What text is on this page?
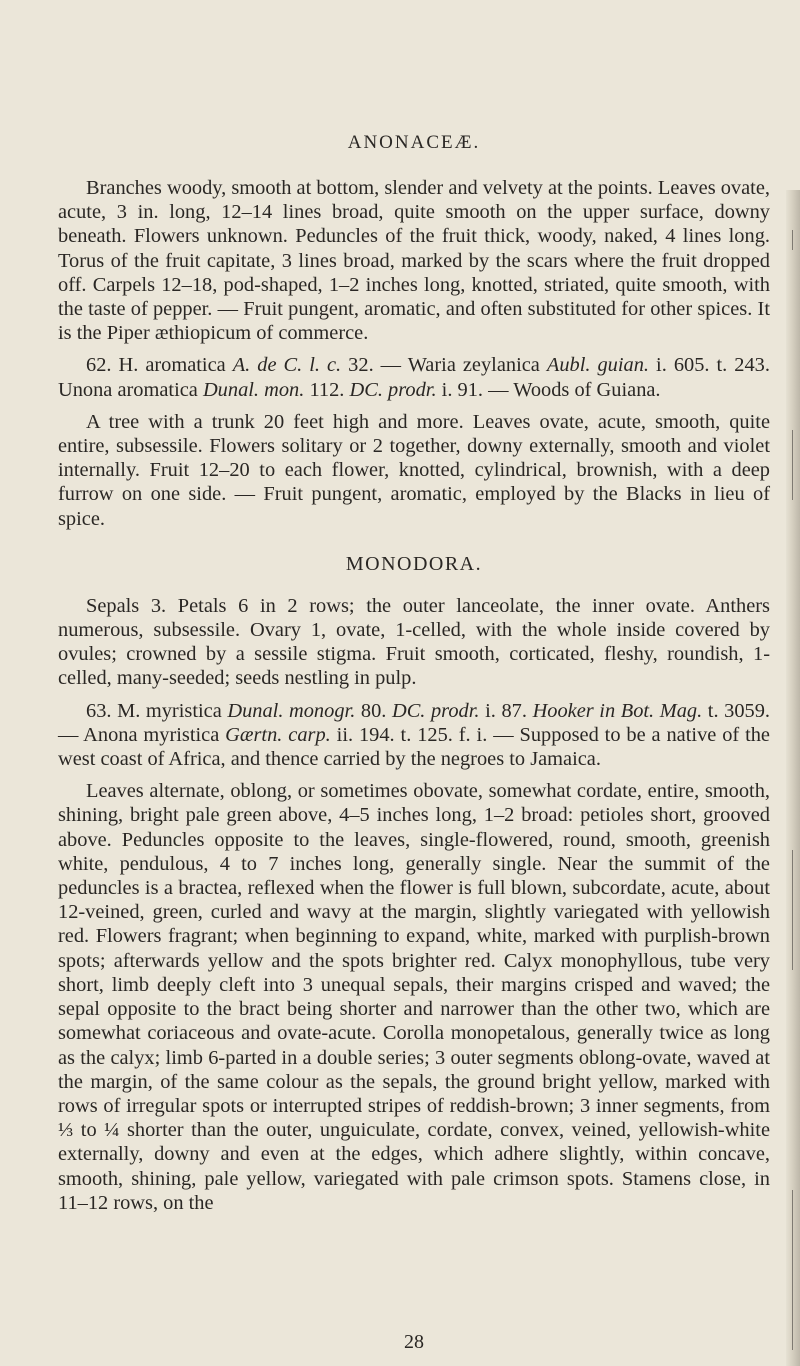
ANONACEÆ.

Branches woody, smooth at bottom, slender and velvety at the points. Leaves ovate, acute, 3 in. long, 12–14 lines broad, quite smooth on the upper surface, downy beneath. Flowers unknown. Peduncles of the fruit thick, woody, naked, 4 lines long. Torus of the fruit capitate, 3 lines broad, marked by the scars where the fruit dropped off. Carpels 12–18, pod-shaped, 1–2 inches long, knotted, striated, quite smooth, with the taste of pepper. — Fruit pungent, aromatic, and often substituted for other spices. It is the Piper æthiopicum of commerce.

62. H. aromatica A. de C. l. c. 32. — Waria zeylanica Aubl. guian. i. 605. t. 243. Unona aromatica Dunal. mon. 112. DC. prodr. i. 91. — Woods of Guiana.

A tree with a trunk 20 feet high and more. Leaves ovate, acute, smooth, quite entire, subsessile. Flowers solitary or 2 together, downy externally, smooth and violet internally. Fruit 12–20 to each flower, knotted, cylindrical, brownish, with a deep furrow on one side. — Fruit pungent, aromatic, employed by the Blacks in lieu of spice.

MONODORA.

Sepals 3. Petals 6 in 2 rows; the outer lanceolate, the inner ovate. Anthers numerous, subsessile. Ovary 1, ovate, 1-celled, with the whole inside covered by ovules; crowned by a sessile stigma. Fruit smooth, corticated, fleshy, roundish, 1-celled, many-seeded; seeds nestling in pulp.

63. M. myristica Dunal. monogr. 80. DC. prodr. i. 87. Hooker in Bot. Mag. t. 3059. — Anona myristica Gærtn. carp. ii. 194. t. 125. f. i. — Supposed to be a native of the west coast of Africa, and thence carried by the negroes to Jamaica.

Leaves alternate, oblong, or sometimes obovate, somewhat cordate, entire, smooth, shining, bright pale green above, 4–5 inches long, 1–2 broad: petioles short, grooved above. Peduncles opposite to the leaves, single-flowered, round, smooth, greenish white, pendulous, 4 to 7 inches long, generally single. Near the summit of the peduncles is a bractea, reflexed when the flower is full blown, subcordate, acute, about 12-veined, green, curled and wavy at the margin, slightly variegated with yellowish red. Flowers fragrant; when beginning to expand, white, marked with purplish-brown spots; afterwards yellow and the spots brighter red. Calyx monophyllous, tube very short, limb deeply cleft into 3 unequal sepals, their margins crisped and waved; the sepal opposite to the bract being shorter and narrower than the other two, which are somewhat coriaceous and ovate-acute. Corolla monopetalous, generally twice as long as the calyx; limb 6-parted in a double series; 3 outer segments oblong-ovate, waved at the margin, of the same colour as the sepals, the ground bright yellow, marked with rows of irregular spots or interrupted stripes of reddish-brown; 3 inner segments, from ⅓ to ¼ shorter than the outer, unguiculate, cordate, convex, veined, yellowish-white externally, downy and even at the edges, which adhere slightly, within concave, smooth, shining, pale yellow, variegated with pale crimson spots. Stamens close, in 11–12 rows, on the

28
